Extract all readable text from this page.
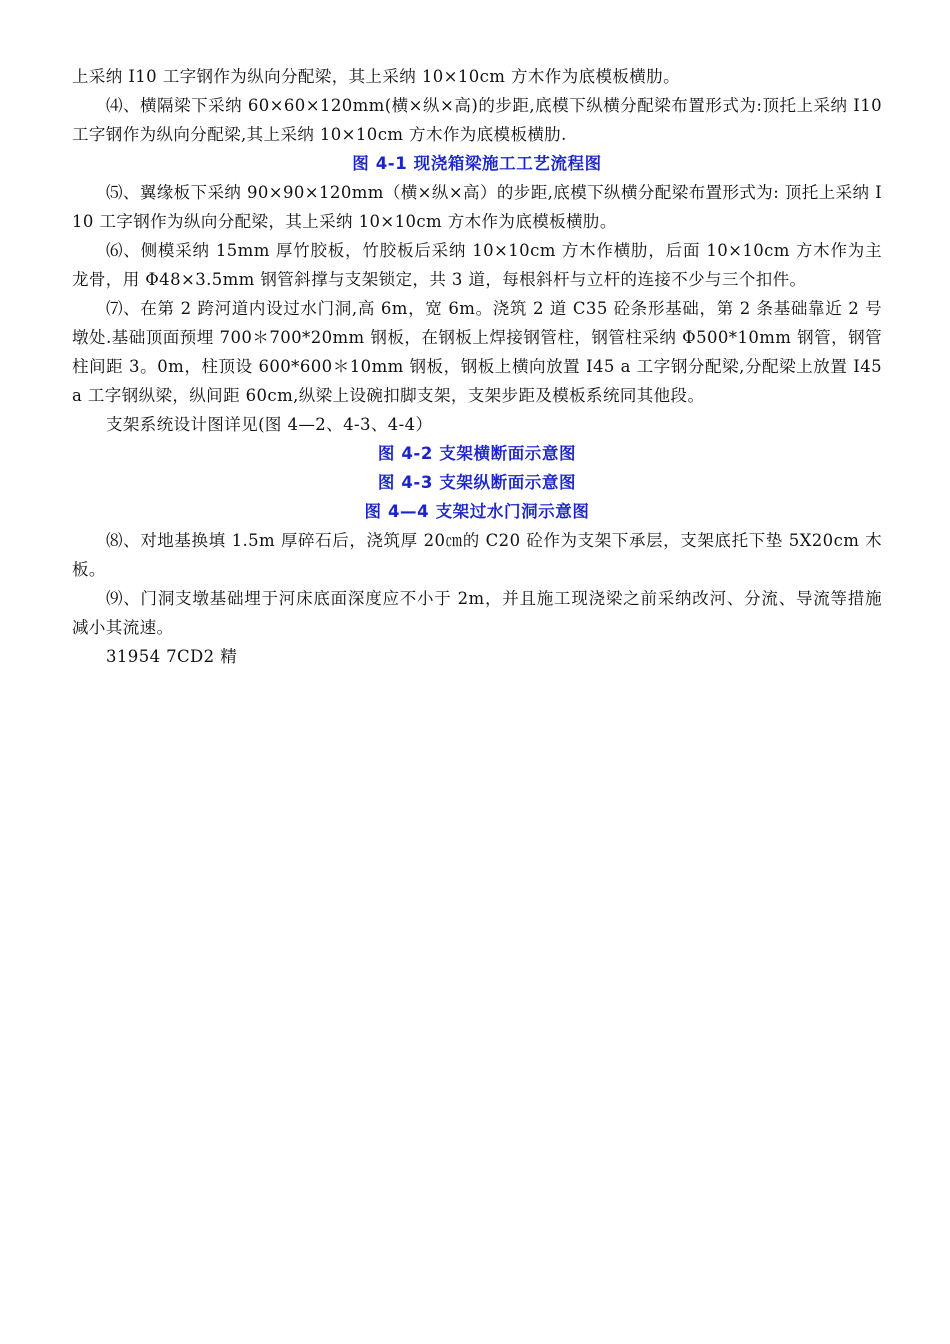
上采纳 I10 工字钢作为纵向分配梁，其上采纳 10×10cm 方木作为底模板横肋。

⑷、横隔梁下采纳 60×60×120mm(横×纵×高)的步距,底模下纵横分配梁布置形式为:顶托上采纳 I10 工字钢作为纵向分配梁,其上采纳 10×10cm 方木作为底模板横肋.

图 4-1 现浇箱梁施工工艺流程图

⑸、翼缘板下采纳 90×90×120mm（横×纵×高）的步距,底模下纵横分配梁布置形式为: 顶托上采纳 I10 工字钢作为纵向分配梁，其上采纳 10×10cm 方木作为底模板横肋。

⑹、侧模采纳 15mm 厚竹胶板，竹胶板后采纳 10×10cm 方木作横肋，后面 10×10cm 方木作为主龙骨，用 Φ48×3.5mm 钢管斜撑与支架锁定，共 3 道，每根斜杆与立杆的连接不少与三个扣件。

⑺、在第 2 跨河道内设过水门洞,高 6m，宽 6m。浇筑 2 道 C35 砼条形基础，第 2 条基础靠近 2 号墩处.基础顶面预埋 700＊700*20mm 钢板，在钢板上焊接钢管柱，钢管柱采纳 Φ500*10mm 钢管，钢管柱间距 3。0m，柱顶设 600*600＊10mm 钢板，钢板上横向放置 I45 a 工字钢分配梁,分配梁上放置 I45 a 工字钢纵梁，纵间距 60cm,纵梁上设碗扣脚支架，支架步距及模板系统同其他段。

支架系统设计图详见(图 4—2、4-3、4-4）

图 4-2 支架横断面示意图

图 4-3 支架纵断面示意图

图 4—4 支架过水门洞示意图

⑻、对地基换填 1.5m 厚碎石后，浇筑厚 20㎝的 C20 砼作为支架下承层，支架底托下垫 5X20cm 木板。

⑼、门洞支墩基础埋于河床底面深度应不小于 2m，并且施工现浇梁之前采纳改河、分流、导流等措施减小其流速。

31954 7CD2 精
